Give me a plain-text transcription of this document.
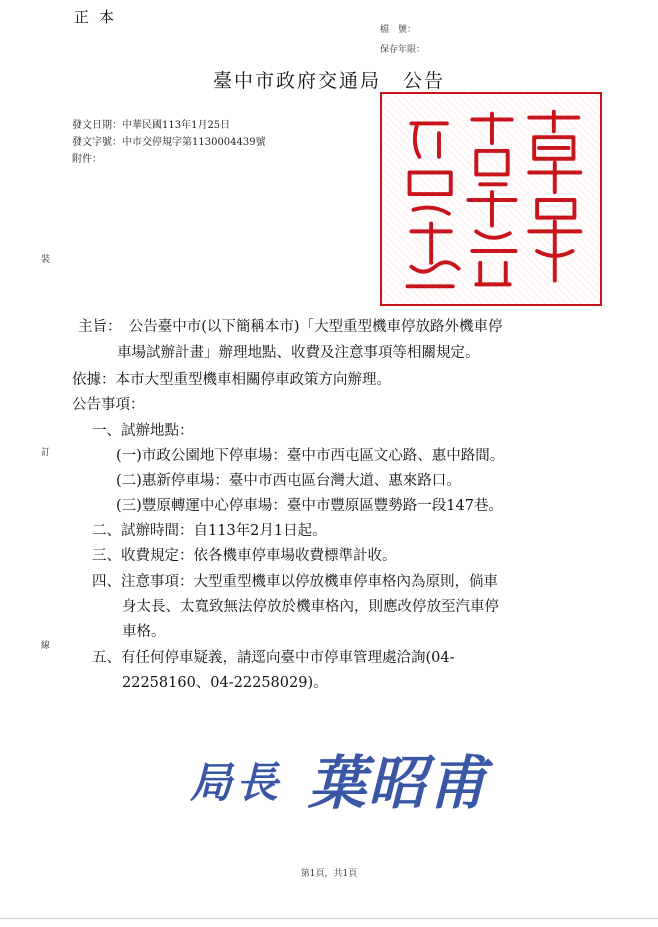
正本
檔　號：
保存年限：
臺中市政府交通局 公告
發文日期：中華民國113年1月25日
發文字號：中市交停規字第1130004439號
附件：
裝
訂
線
主旨：　公告臺中市(以下簡稱本市)「大型重型機車停放路外機車停
車場試辦計畫」辦理地點、收費及注意事項等相關規定。
依據：本市大型重型機車相關停車政策方向辦理。
公告事項：
一、試辦地點：
(一)市政公園地下停車場：臺中市西屯區文心路、惠中路間。
(二)惠新停車場：臺中市西屯區台灣大道、惠來路口。
(三)豐原轉運中心停車場：臺中市豐原區豐勢路一段147巷。
二、試辦時間：自113年2月1日起。
三、收費規定：依各機車停車場收費標準計收。
四、注意事項：大型重型機車以停放機車停車格內為原則，倘車
身太長、太寬致無法停放於機車格內，則應改停放至汽車停
車格。
五、有任何停車疑義，請逕向臺中市停車管理處洽詢(04-
22258160、04-22258029)。
局長 葉昭甫
第1頁，共1頁
